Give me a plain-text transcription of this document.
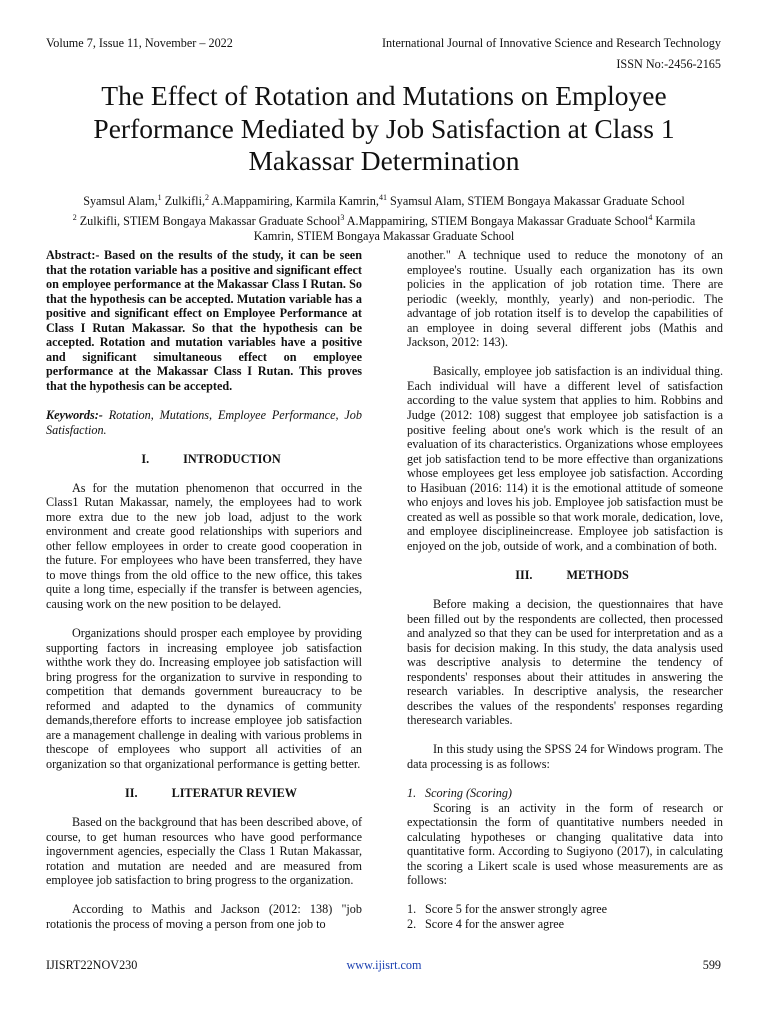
Volume 7, Issue 11, November – 2022	International Journal of Innovative Science and Research Technology
ISSN No:-2456-2165
The Effect of Rotation and Mutations on Employee
Performance Mediated by Job Satisfaction at Class 1
Makassar Determination
Syamsul Alam,$^1$ Zulkifli,$^2$ A.Mappamiring, Karmila Kamrin,$^{41}$ Syamsul Alam, STIEM Bongaya Makassar Graduate School
$^2$ Zulkifli, STIEM Bongaya Makassar Graduate School$^3$ A.Mappamiring, STIEM Bongaya Makassar Graduate School$^4$ Karmila
Kamrin, STIEM Bongaya Makassar Graduate School

Abstract:- Based on the results of the study, it can be seen that the rotation variable has a positive and significant effect on employee performance at the Makassar Class I Rutan. So that the hypothesis can be accepted. Mutation variable has a positive and significant effect on Employee Performance at Class I Rutan Makassar. So that the hypothesis can be accepted. Rotation and mutation variables have a positive and significant simultaneous effect on employee performance at the Makassar Class I Rutan. This proves that the hypothesis can be accepted.

Keywords:- Rotation, Mutations, Employee Performance, Job Satisfaction.

I.	INTRODUCTION

As for the mutation phenomenon that occurred in the Class1 Rutan Makassar, namely, the employees had to work more extra due to the new job load, adjust to the work environment and create good relationships with superiors and other fellow employees in order to create good cooperation in the future. For employees who have been transferred, they have to move things from the old office to the new office, this takes quite a long time, especially if the transfer is between agencies, causing work on the new position to be delayed.

Organizations should prosper each employee by providing supporting factors in increasing employee job satisfaction withthe work they do. Increasing employee job satisfaction will bring progress for the organization to survive in responding to competition that demands government bureaucracy to be reformed and adapted to the dynamics of community demands,therefore efforts to increase employee job satisfaction are a management challenge in dealing with various problems in thescope of employees who support all activities of an organization so that organizational performance is getting better.

II.	LITERATUR REVIEW

Based on the background that has been described above, of course, to get human resources who have good performance ingovernment agencies, especially the Class 1 Rutan Makassar, rotation and mutation are needed and are measured from employee job satisfaction to bring progress to the organization.

According to Mathis and Jackson (2012: 138) "job rotationis the process of moving a person from one job to

another." A technique used to reduce the monotony of an employee's routine. Usually each organization has its own policies in the application of job rotation time. There are periodic (weekly, monthly, yearly) and non-periodic. The advantage of job rotation itself is to develop the capabilities of an employee in doing several different jobs (Mathis and Jackson, 2012: 143).

Basically, employee job satisfaction is an individual thing. Each individual will have a different level of satisfaction according to the value system that applies to him. Robbins and Judge (2012: 108) suggest that employee job satisfaction is a positive feeling about one's work which is the result of an evaluation of its characteristics. Organizations whose employees get job satisfaction tend to be more effective than organizations whose employees get less employee job satisfaction. According to Hasibuan (2016: 114) it is the emotional attitude of someone who enjoys and loves his job. Employee job satisfaction must be created as well as possible so that work morale, dedication, love, and employee disciplineincrease. Employee job satisfaction is enjoyed on the job, outside of work, and a combination of both.

III.	METHODS

Before making a decision, the questionnaires that have been filled out by the respondents are collected, then processed and analyzed so that they can be used for interpretation and as a basis for decision making. In this study, the data analysis used was descriptive analysis to determine the tendency of respondents' responses about their attitudes in answering the research variables. In descriptive analysis, the researcher describes the values of the respondents' responses regarding theresearch variables.

In this study using the SPSS 24 for Windows program. The data processing is as follows:

1. Scoring (Scoring)

Scoring is an activity in the form of research or expectationsin the form of quantitative numbers needed in calculating hypotheses or changing qualitative data into quantitative form. According to Sugiyono (2017), in calculating the scoring a Likert scale is used whose measurements are as follows:

1. Score 5 for the answer strongly agree

2. Score 4 for the answer agree

IJISRT22NOV230	www.ijisrt.com	599
